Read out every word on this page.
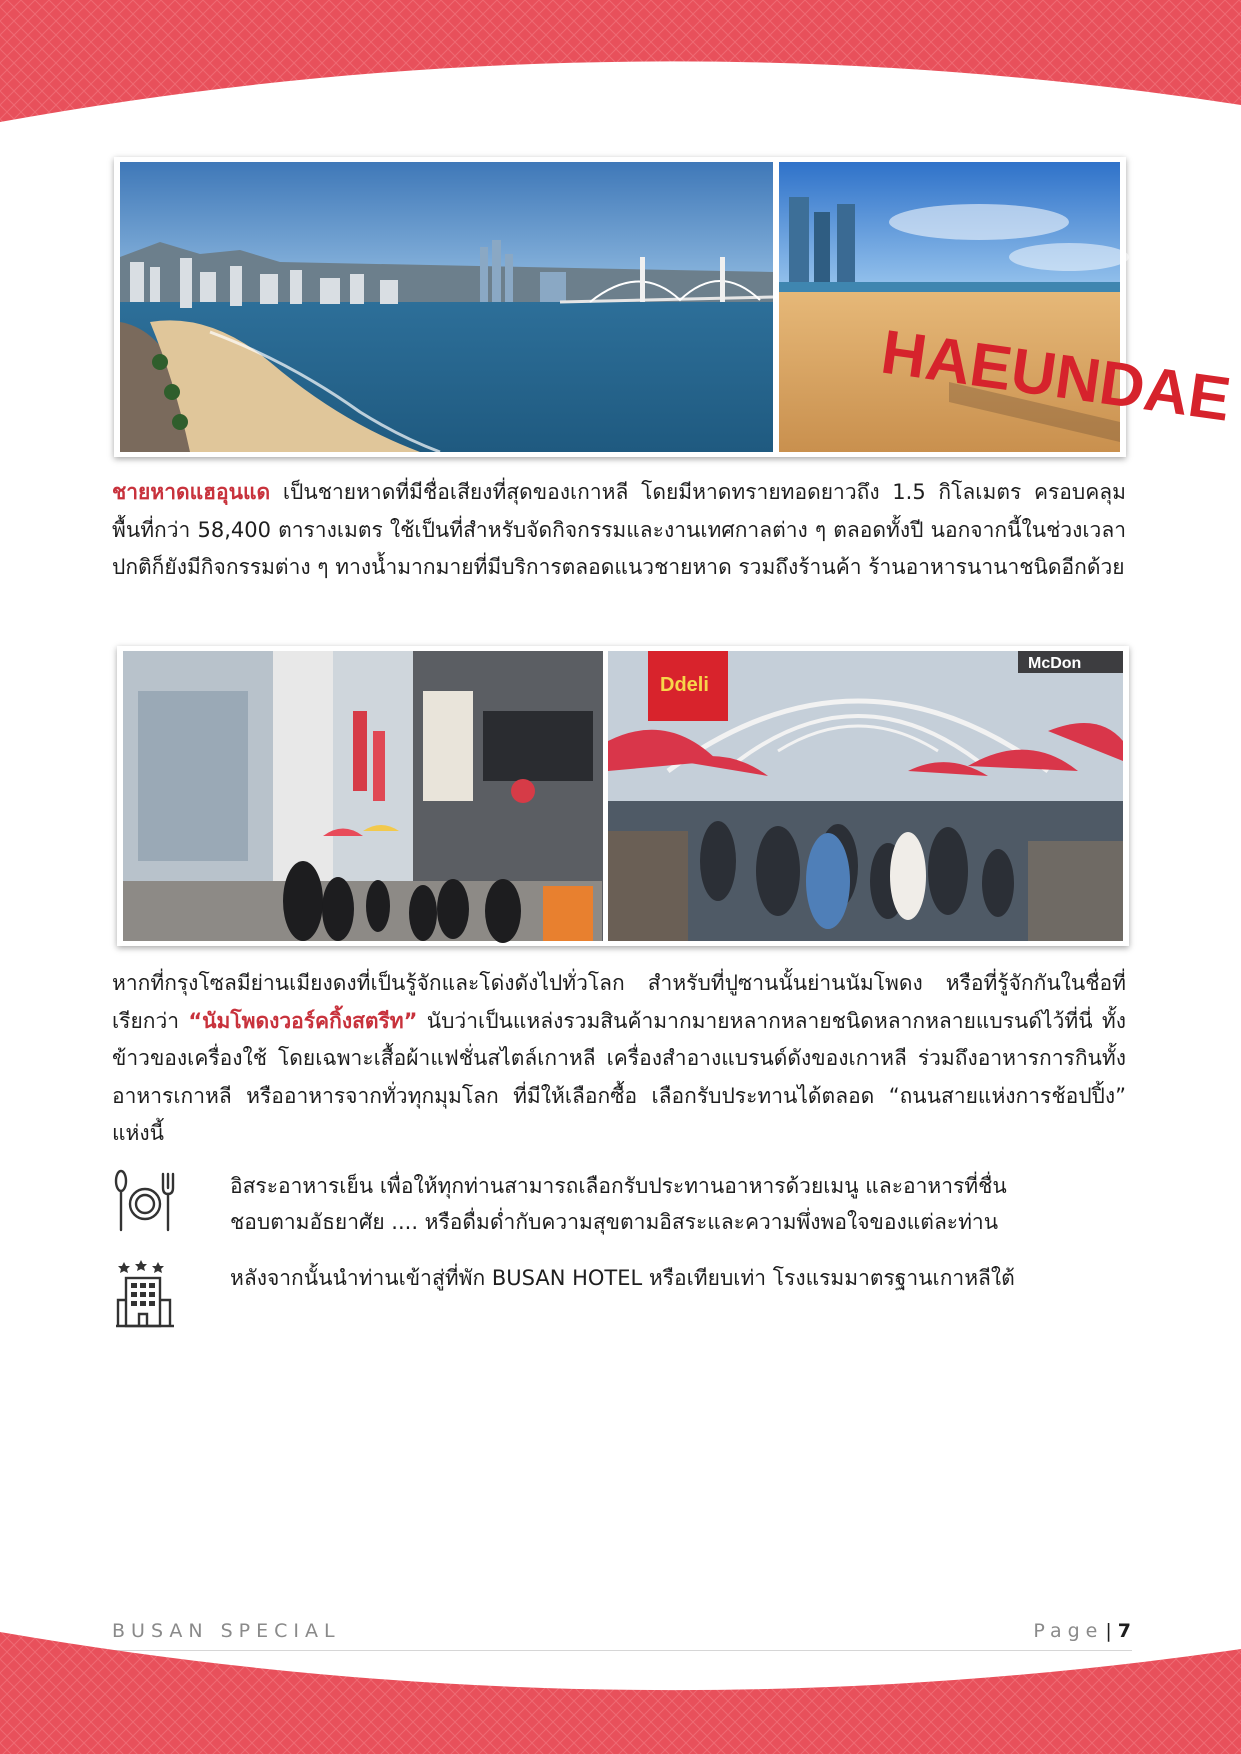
HAEUNDAE

ชายหาดแฮอุนแด เป็นชายหาดที่มีชื่อเสียงที่สุดของเกาหลี โดยมีหาดทรายทอดยาวถึง 1.5 กิโลเมตร ครอบคลุมพื้นที่กว่า 58,400 ตารางเมตร ใช้เป็นที่สำหรับจัดกิจกรรมและงานเทศกาลต่าง ๆ ตลอดทั้งปี นอกจากนี้ในช่วงเวลาปกติก็ยังมีกิจกรรมต่าง ๆ ทางน้ำมากมายที่มีบริการตลอดแนวชายหาด รวมถึงร้านค้า ร้านอาหารนานาชนิดอีกด้วย

Ddeli
McDon

หากที่กรุงโซลมีย่านเมียงดงที่เป็นรู้จักและโด่งดังไปทั่วโลก สำหรับที่ปูซานนั้นย่านนัมโพดง หรือที่รู้จักกันในชื่อที่เรียกว่า “นัมโพดงวอร์คกิ้งสตรีท” นับว่าเป็นแหล่งรวมสินค้ามากมายหลากหลายชนิดหลากหลายแบรนด์ไว้ที่นี่ ทั้งข้าวของเครื่องใช้ โดยเฉพาะเสื้อผ้าแฟชั่นสไตล์เกาหลี เครื่องสำอางแบรนด์ดังของเกาหลี ร่วมถึงอาหารการกินทั้งอาหารเกาหลี หรืออาหารจากทั่วทุกมุมโลก ที่มีให้เลือกซื้อ เลือกรับประทานได้ตลอด “ถนนสายแห่งการช้อปปิ้ง” แห่งนี้

อิสระอาหารเย็น เพื่อให้ทุกท่านสามารถเลือกรับประทานอาหารด้วยเมนู และอาหารที่ชื่น
ชอบตามอัธยาศัย .... หรือดื่มด่ำกับความสุขตามอิสระและความพึ่งพอใจของแต่ละท่าน

หลังจากนั้นนำท่านเข้าสู่ที่พัก BUSAN HOTEL หรือเทียบเท่า โรงแรมมาตรฐานเกาหลีใต้

BUSAN SPECIAL	Page | 7
